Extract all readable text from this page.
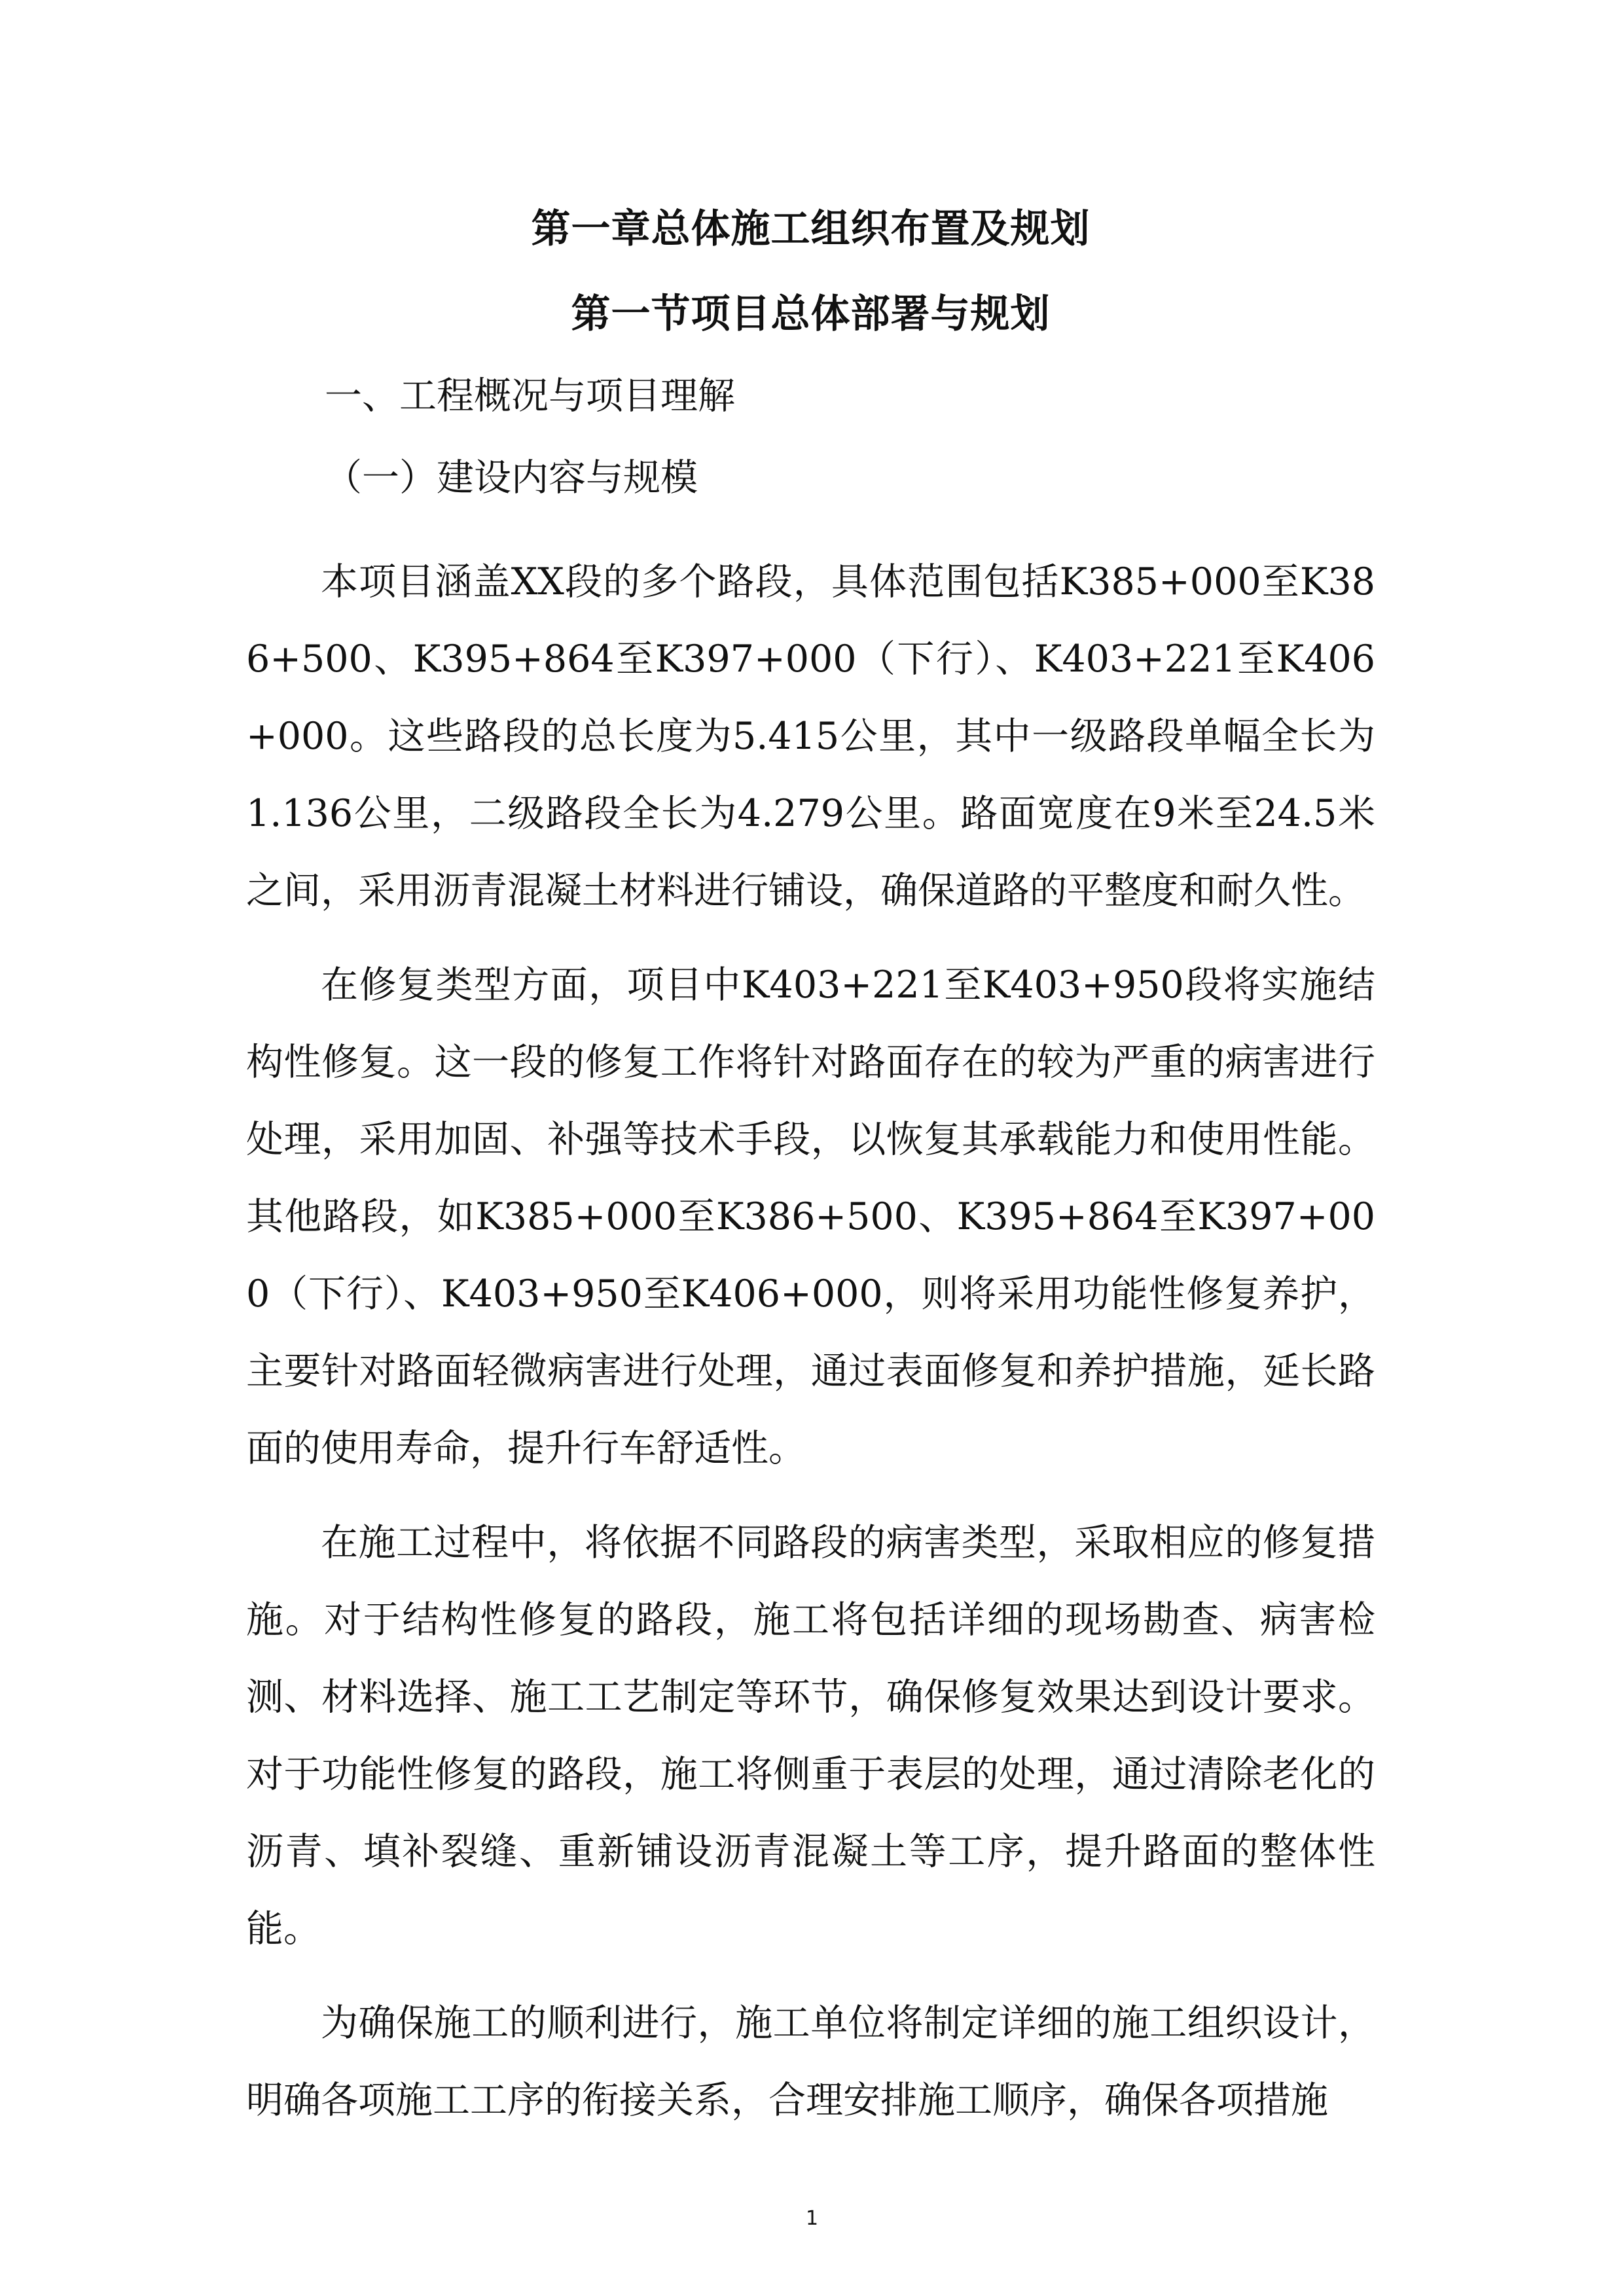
第一章总体施工组织布置及规划
第一节项目总体部署与规划
一、工程概况与项目理解
（一）建设内容与规模

本项目涵盖XX段的多个路段，具体范围包括K385+000至K386+500、K395+864至K397+000（下行）、K403+221至K406+000。这些路段的总长度为5.415公里，其中一级路段单幅全长为1.136公里，二级路段全长为4.279公里。路面宽度在9米至24.5米之间，采用沥青混凝土材料进行铺设，确保道路的平整度和耐久性。

在修复类型方面，项目中K403+221至K403+950段将实施结构性修复。这一段的修复工作将针对路面存在的较为严重的病害进行处理，采用加固、补强等技术手段，以恢复其承载能力和使用性能。其他路段，如K385+000至K386+500、K395+864至K397+000（下行）、K403+950至K406+000，则将采用功能性修复养护，主要针对路面轻微病害进行处理，通过表面修复和养护措施，延长路面的使用寿命，提升行车舒适性。

在施工过程中，将依据不同路段的病害类型，采取相应的修复措施。对于结构性修复的路段，施工将包括详细的现场勘查、病害检测、材料选择、施工工艺制定等环节，确保修复效果达到设计要求。对于功能性修复的路段，施工将侧重于表层的处理，通过清除老化的沥青、填补裂缝、重新铺设沥青混凝土等工序，提升路面的整体性能。

为确保施工的顺利进行，施工单位将制定详细的施工组织设计，明确各项施工工序的衔接关系，合理安排施工顺序，确保各项措施

1
